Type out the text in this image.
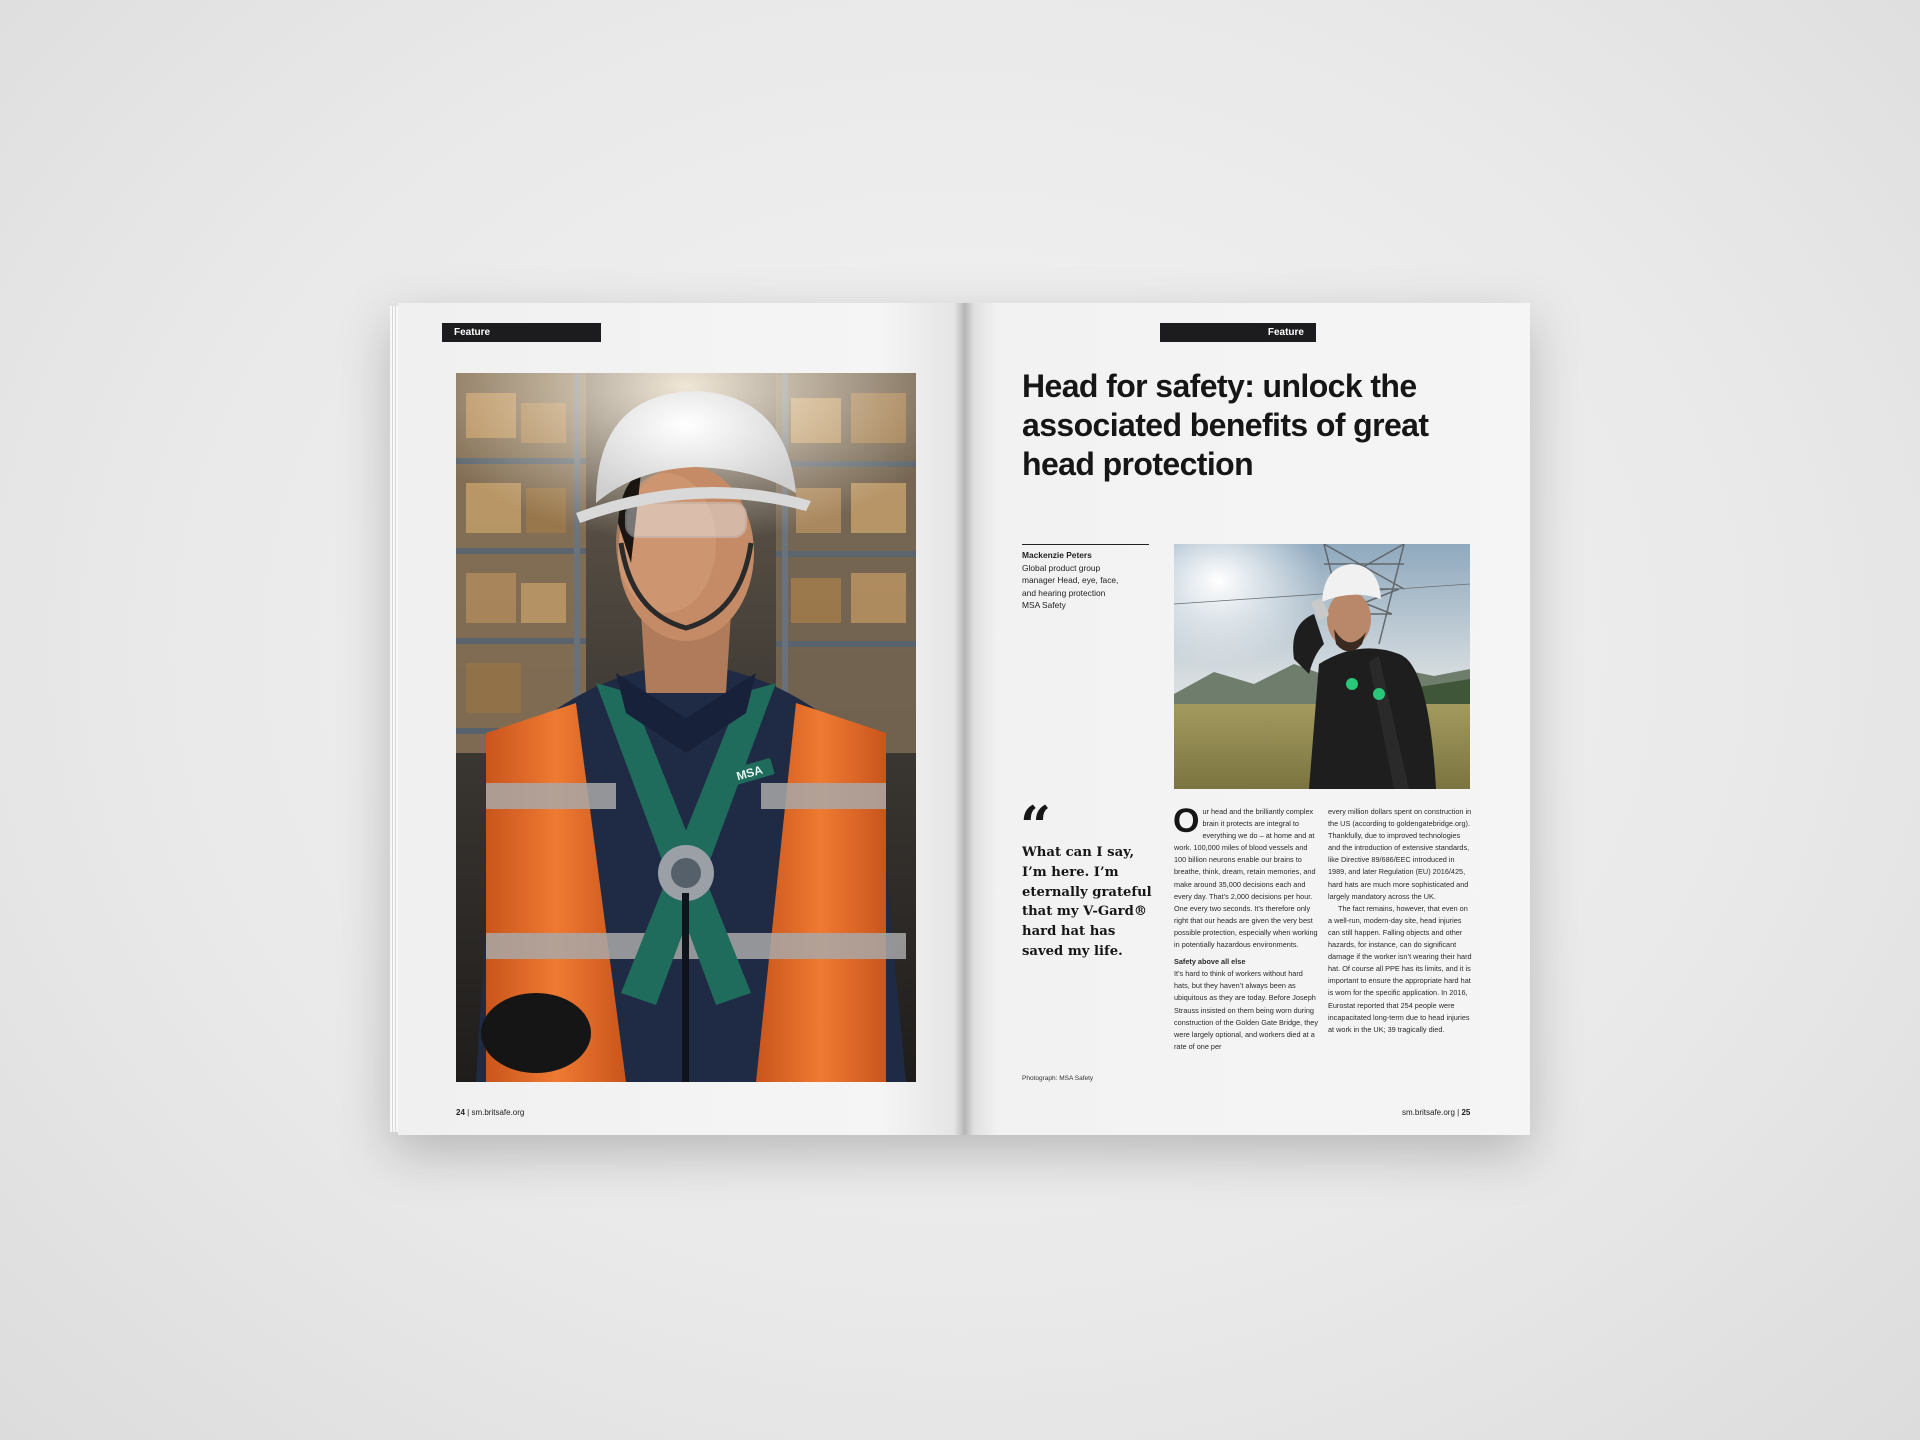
Feature
MSA
24 | sm.britsafe.org
Feature
Head for safety: unlock the associated benefits of great head protection
Mackenzie Peters
Global product group
manager Head, eye, face,
and hearing protection
MSA Safety
“
What can I say, I’m here. I’m eternally grateful that my V-Gard® hard hat has saved my life.
Photograph: MSA Safety

Our head and the brilliantly complex brain it protects are integral to everything we do – at home and at work. 100,000 miles of blood vessels and 100 billion neurons enable our brains to breathe, think, dream, retain memories, and make around 35,000 decisions each and every day. That’s 2,000 decisions per hour. One every two seconds. It’s therefore only right that our heads are given the very best possible protection, especially when working in potentially hazardous environments.

Safety above all else

It’s hard to think of workers without hard hats, but they haven’t always been as ubiquitous as they are today. Before Joseph Strauss insisted on them being worn during construction of the Golden Gate Bridge, they were largely optional, and workers died at a rate of one per

every million dollars spent on construction in the US (according to goldengatebridge.org). Thankfully, due to improved technologies and the introduction of extensive standards, like Directive 89/686/EEC introduced in 1989, and later Regulation (EU) 2016/425, hard hats are much more sophisticated and largely mandatory across the UK.

The fact remains, however, that even on a well-run, modern-day site, head injuries can still happen. Falling objects and other hazards, for instance, can do significant damage if the worker isn’t wearing their hard hat. Of course all PPE has its limits, and it is important to ensure the appropriate hard hat is worn for the specific application. In 2016, Eurostat reported that 254 people were incapacitated long-term due to head injuries at work in the UK; 39 tragically died.

sm.britsafe.org | 25
